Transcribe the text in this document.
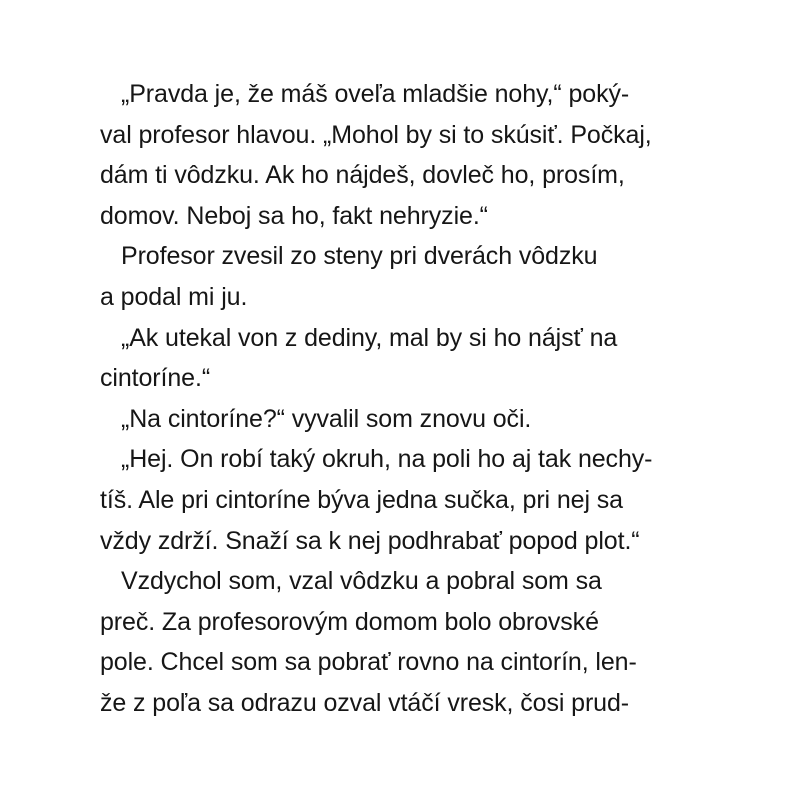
„Pravda je, že máš oveľa mladšie nohy,“ poký-
val profesor hlavou. „Mohol by si to skúsiť. Počkaj,
dám ti vôdzku. Ak ho nájdeš, dovleč ho, prosím,
domov. Neboj sa ho, fakt nehryzie.“
Profesor zvesil zo steny pri dverách vôdzku
a podal mi ju.
„Ak utekal von z dediny, mal by si ho nájsť na
cintoríne.“
„Na cintoríne?“ vyvalil som znovu oči.
„Hej. On robí taký okruh, na poli ho aj tak nechy-
tíš. Ale pri cintoríne býva jedna sučka, pri nej sa
vždy zdrží. Snaží sa k nej podhrabať popod plot.“
Vzdychol som, vzal vôdzku a pobral som sa
preč. Za profesorovým domom bolo obrovské
pole. Chcel som sa pobrať rovno na cintorín, len-
že z poľa sa odrazu ozval vtáčí vresk, čosi prud-
